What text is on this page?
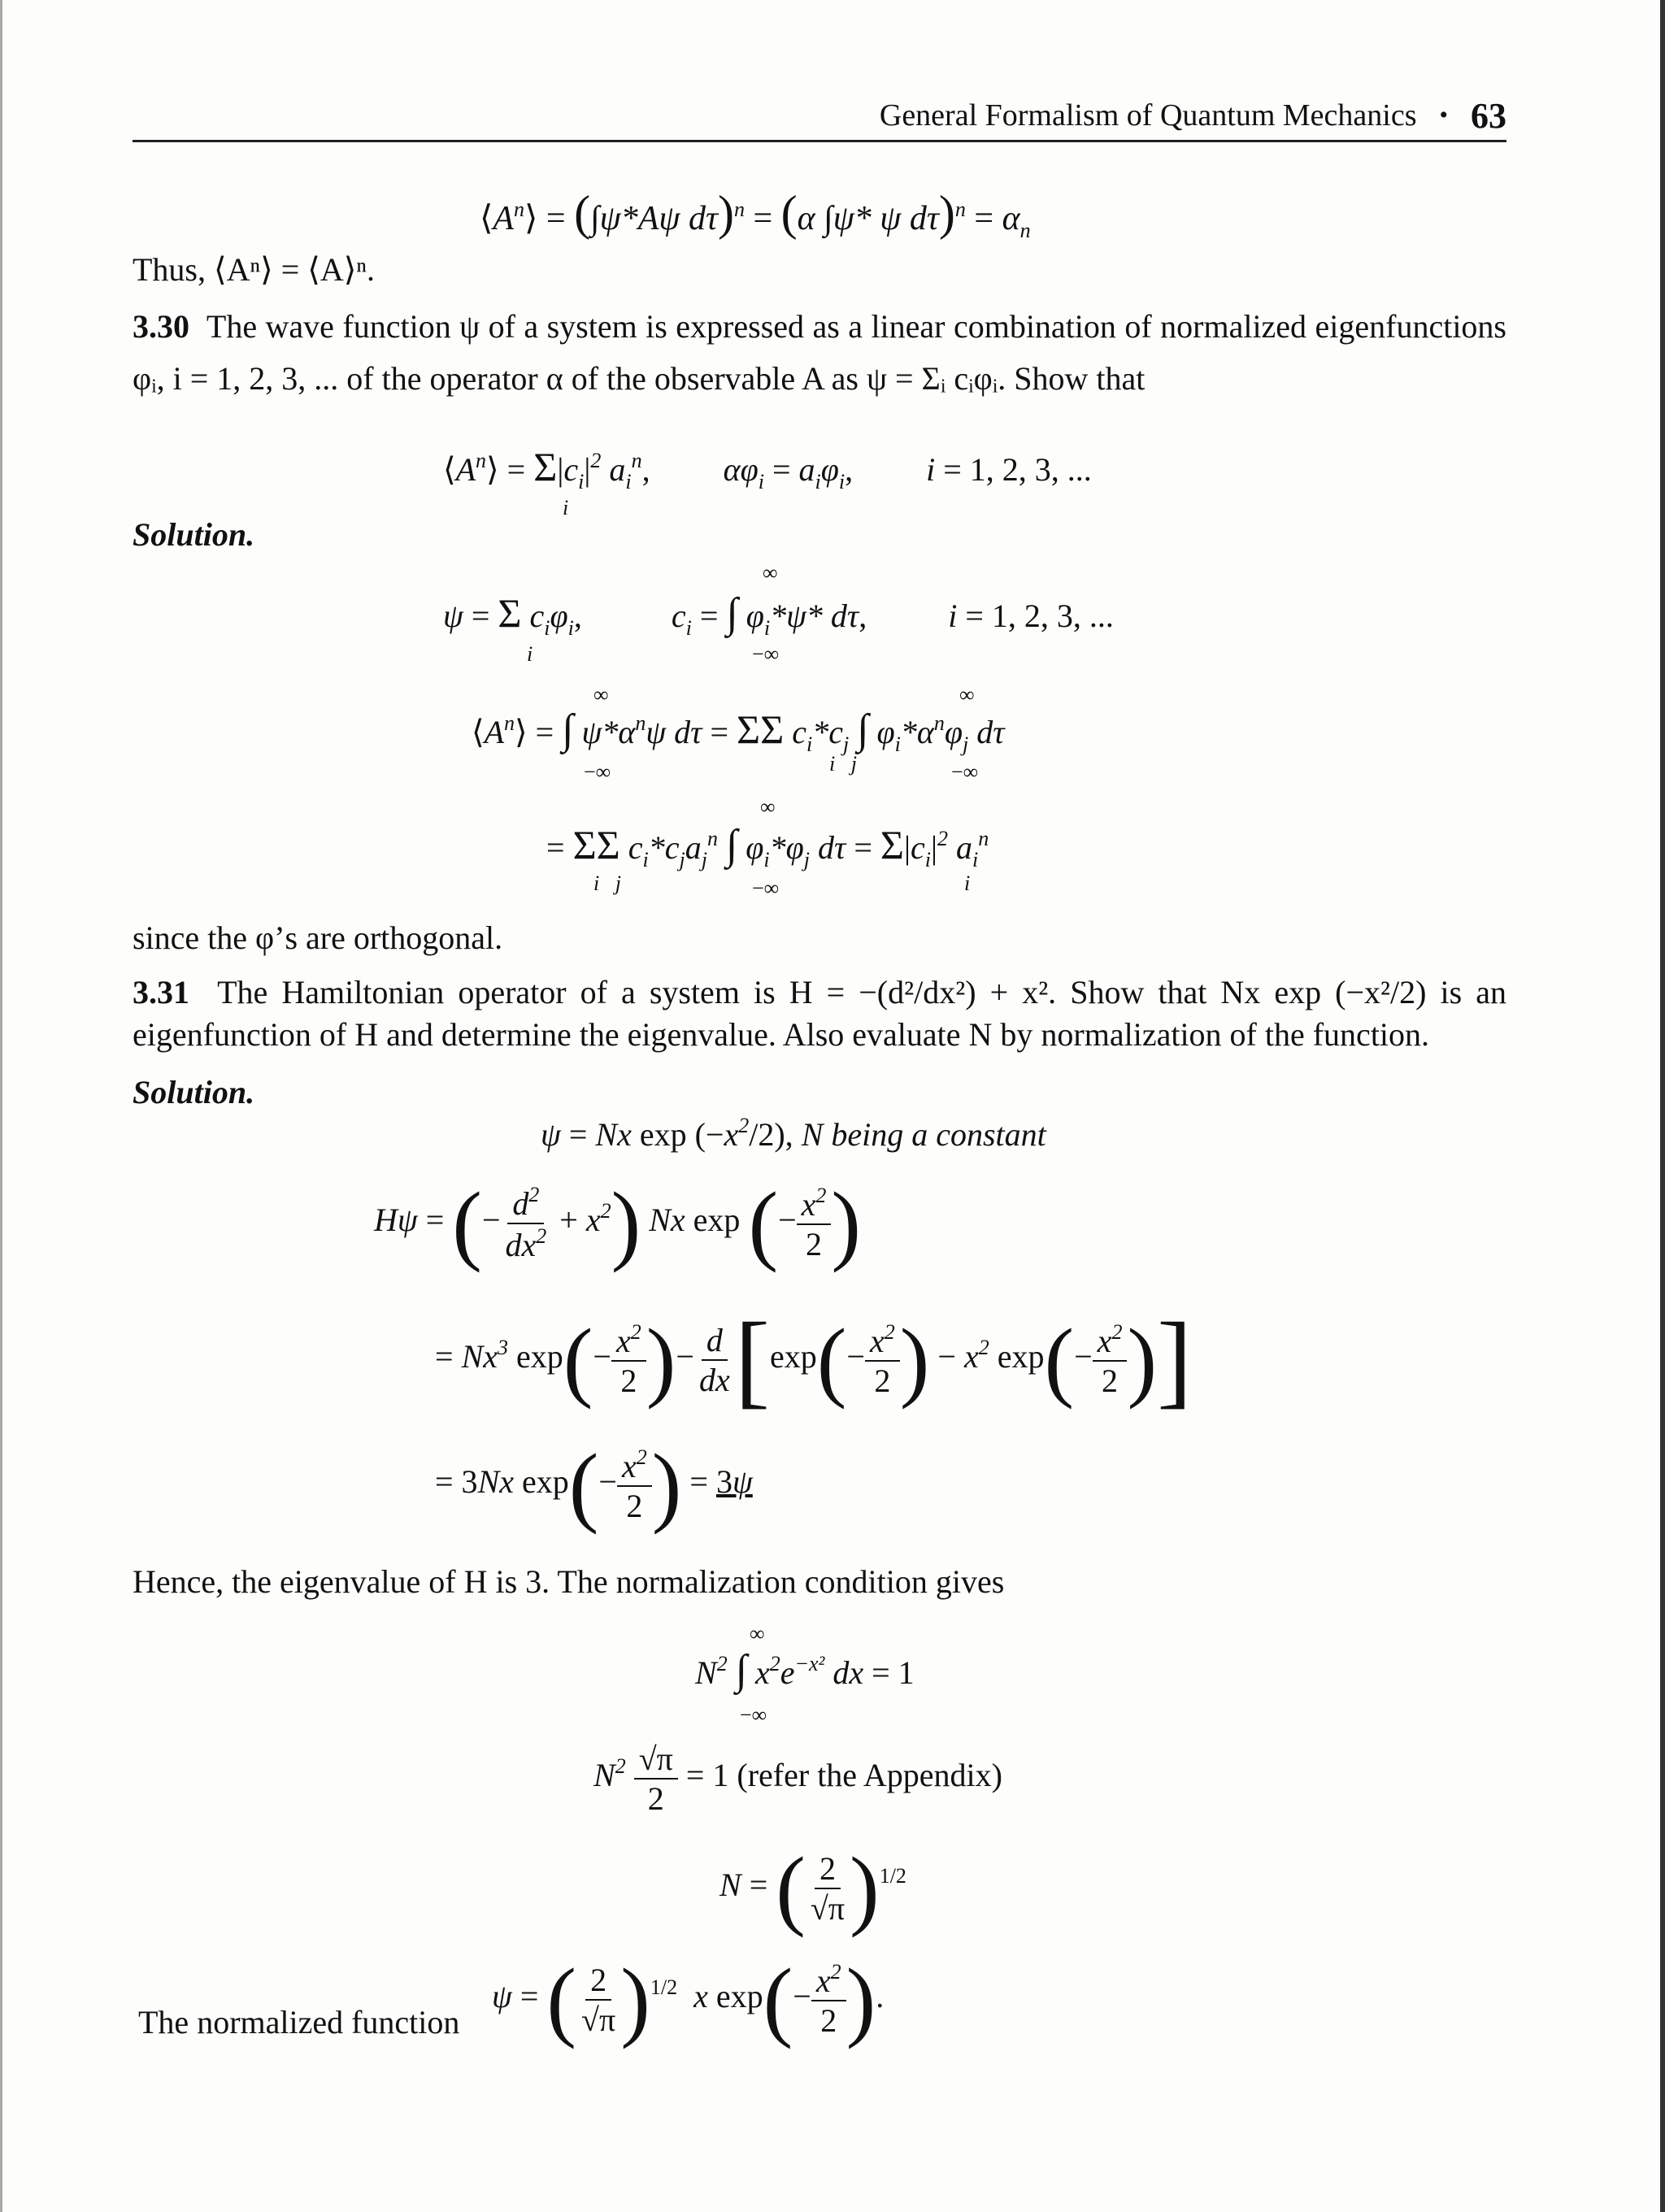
General Formalism of Quantum Mechanics • 63
$⟨A^n⟩ = (\int\psi*A\psi$ dτ)$^n$ = (α ∫ψ* ψ $d\tau)^n = \alpha_n$
Thus, ⟨Aⁿ⟩ = ⟨A⟩ⁿ.
3.30 The wave function ψ of a system is expressed as a linear combination of normalized eigenfunctions φᵢ, i = 1, 2, 3, ... of the operator α of the observable A as ψ = Σᵢ cᵢφᵢ. Show that
$⟨A^n⟩ = \Sigma|c_i|^2$ $a_i^n$, $\alpha\varphi_i = a_i\varphi_i$, i = 1, 2, 3, ...
i
Solution.
∞
ψ = Σ $c_i\varphi_i$,	$c_i$ = ∫ $\varphi_i*\psi*$ dτ,	i = 1, 2, 3, ...
i	−∞
∞	∞
$⟨A^n⟩$ = ∫ $\psi*\alpha^n\psi$ dτ = ΣΣ $c_i*c_j$ ∫ $\varphi_i*\alpha^n\varphi_j$ dτ
−∞	i   j	−∞
∞
= ΣΣ $c_i*c_ja_j^n$ ∫ $\varphi_i*\varphi_j$ $d\tau = \Sigma|c_i|^2$ $a_i^n$
i   j	−∞	i
since the φ’s are orthogonal.
3.31 The Hamiltonian operator of a system is H = −(d²/dx²) + x². Show that Nx exp (−x²/2) is an eigenfunction of H and determine the eigenvalue. Also evaluate N by normalization of the function.
Solution.
ψ = Nx $\exp (-x^2/2)$, N being a constant
Hψ = (− $\frac{d^2}{dx^2} + x^2$) Nx exp (− $\frac{x^2}{2}$ )
= $Nx^3$ $\exp(- \frac{x^2}{2}$ )− $\frac{d}{dx} [\exp(- \frac{x^2}{2}$ ) − $x^2$ $\exp(- \frac{x^2}{2}$ )]
= 3Nx $\exp(- \frac{x^2}{2}$ ) = 3ψ
Hence, the eigenvalue of H is 3. The normalization condition gives
∞
$N^2$ ∫ $x^2e^{-x^2}$ dx = 1
−∞
$N^2 \frac{√\pi}{2} = 1$ (refer the Appendix)
N = ( $\frac{2}{√\pi} )^{1/2}$
The normalized function
ψ = ( $\frac{2}{√\pi} )^{1/2}$ x $\exp(- \frac{x^2}{2}$ ).
